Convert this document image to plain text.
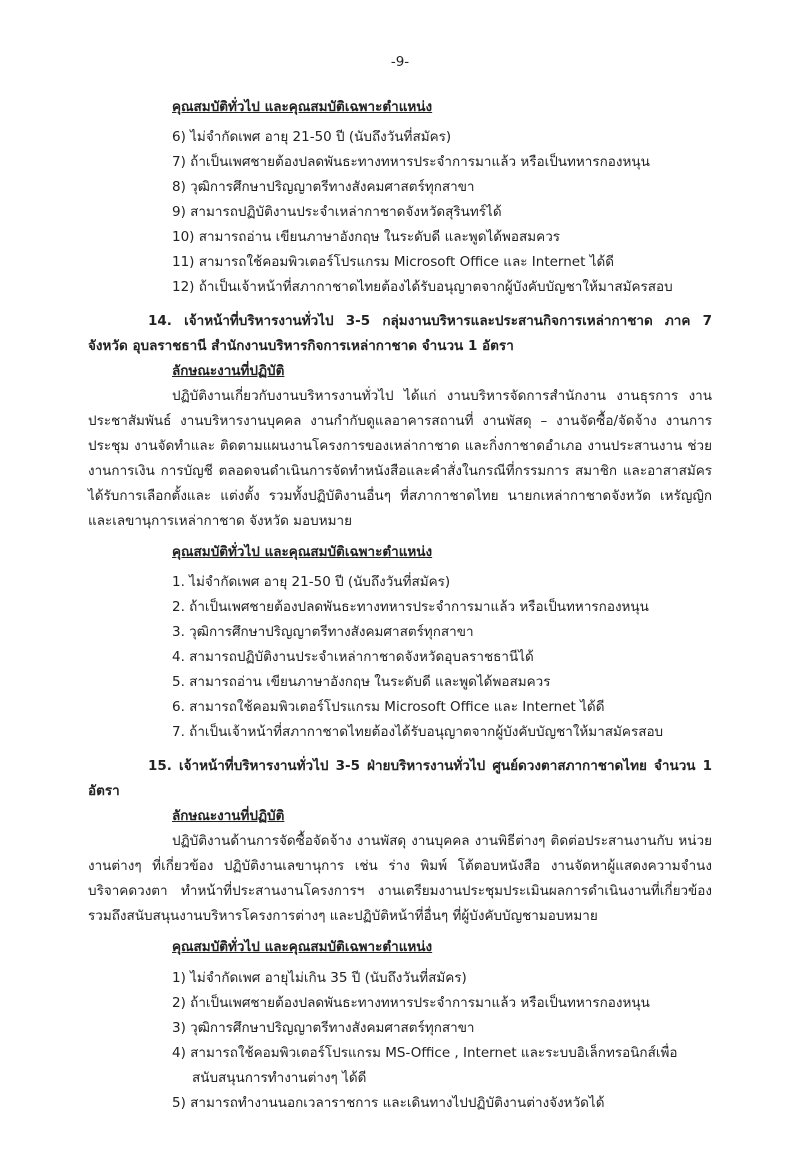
-9-
คุณสมบัติทั่วไป และคุณสมบัติเฉพาะตำแหน่ง
6) ไม่จำกัดเพศ อายุ 21-50 ปี (นับถึงวันที่สมัคร)
7) ถ้าเป็นเพศชายต้องปลดพันธะทางทหารประจำการมาแล้ว หรือเป็นทหารกองหนุน
8) วุฒิการศึกษาปริญญาตรีทางสังคมศาสตร์ทุกสาขา
9) สามารถปฏิบัติงานประจำเหล่ากาชาดจังหวัดสุรินทร์ได้
10) สามารถอ่าน เขียนภาษาอังกฤษ ในระดับดี และพูดได้พอสมควร
11) สามารถใช้คอมพิวเตอร์โปรแกรม Microsoft Office และ Internet ได้ดี
12) ถ้าเป็นเจ้าหน้าที่สภากาชาดไทยต้องได้รับอนุญาตจากผู้บังคับบัญชาให้มาสมัครสอบ
14. เจ้าหน้าที่บริหารงานทั่วไป 3-5 กลุ่มงานบริหารและประสานกิจการเหล่ากาชาด ภาค 7 จังหวัด อุบลราชธานี สำนักงานบริหารกิจการเหล่ากาชาด จำนวน 1 อัตรา
ลักษณะงานที่ปฏิบัติ
ปฏิบัติงานเกี่ยวกับงานบริหารงานทั่วไป ได้แก่ งานบริหารจัดการสำนักงาน งานธุรการ งานประชาสัมพันธ์ งานบริหารงานบุคคล งานกำกับดูแลอาคารสถานที่ งานพัสดุ – งานจัดซื้อ/จัดจ้าง งานการประชุม งานจัดทำและ ติดตามแผนงานโครงการของเหล่ากาชาด และกิ่งกาชาดอำเภอ งานประสานงาน ช่วยงานการเงิน การบัญชี ตลอดจนดำเนินการจัดทำหนังสือและคำสั่งในกรณีที่กรรมการ สมาชิก และอาสาสมัครได้รับการเลือกตั้งและ แต่งตั้ง รวมทั้งปฏิบัติงานอื่นๆ ที่สภากาชาดไทย นายกเหล่ากาชาดจังหวัด เหรัญญิก และเลขานุการเหล่ากาชาด จังหวัด มอบหมาย
คุณสมบัติทั่วไป และคุณสมบัติเฉพาะตำแหน่ง
1. ไม่จำกัดเพศ อายุ 21-50 ปี (นับถึงวันที่สมัคร)
2. ถ้าเป็นเพศชายต้องปลดพันธะทางทหารประจำการมาแล้ว หรือเป็นทหารกองหนุน
3. วุฒิการศึกษาปริญญาตรีทางสังคมศาสตร์ทุกสาขา
4. สามารถปฏิบัติงานประจำเหล่ากาชาดจังหวัดอุบลราชธานีได้
5. สามารถอ่าน เขียนภาษาอังกฤษ ในระดับดี และพูดได้พอสมควร
6. สามารถใช้คอมพิวเตอร์โปรแกรม Microsoft Office และ Internet ได้ดี
7. ถ้าเป็นเจ้าหน้าที่สภากาชาดไทยต้องได้รับอนุญาตจากผู้บังคับบัญชาให้มาสมัครสอบ
15. เจ้าหน้าที่บริหารงานทั่วไป 3-5 ฝ่ายบริหารงานทั่วไป ศูนย์ดวงตาสภากาชาดไทย จำนวน 1 อัตรา
ลักษณะงานที่ปฏิบัติ
ปฏิบัติงานด้านการจัดซื้อจัดจ้าง งานพัสดุ งานบุคคล งานพิธีต่างๆ ติดต่อประสานงานกับ หน่วยงานต่างๆ ที่เกี่ยวข้อง ปฏิบัติงานเลขานุการ เช่น ร่าง พิมพ์ โต้ตอบหนังสือ งานจัดหาผู้แสดงความจำนง บริจาคดวงตา ทำหน้าที่ประสานงานโครงการฯ งานเตรียมงานประชุมประเมินผลการดำเนินงานที่เกี่ยวข้อง รวมถึงสนับสนุนงานบริหารโครงการต่างๆ และปฏิบัติหน้าที่อื่นๆ ที่ผู้บังคับบัญชามอบหมาย
คุณสมบัติทั่วไป และคุณสมบัติเฉพาะตำแหน่ง
1) ไม่จำกัดเพศ อายุไม่เกิน 35 ปี (นับถึงวันที่สมัคร)
2) ถ้าเป็นเพศชายต้องปลดพันธะทางทหารประจำการมาแล้ว หรือเป็นทหารกองหนุน
3) วุฒิการศึกษาปริญญาตรีทางสังคมศาสตร์ทุกสาขา
4) สามารถใช้คอมพิวเตอร์โปรแกรม MS-Office , Internet และระบบอิเล็กทรอนิกส์เพื่อ
สนับสนุนการทำงานต่างๆ ได้ดี
5) สามารถทำงานนอกเวลาราชการ และเดินทางไปปฏิบัติงานต่างจังหวัดได้
